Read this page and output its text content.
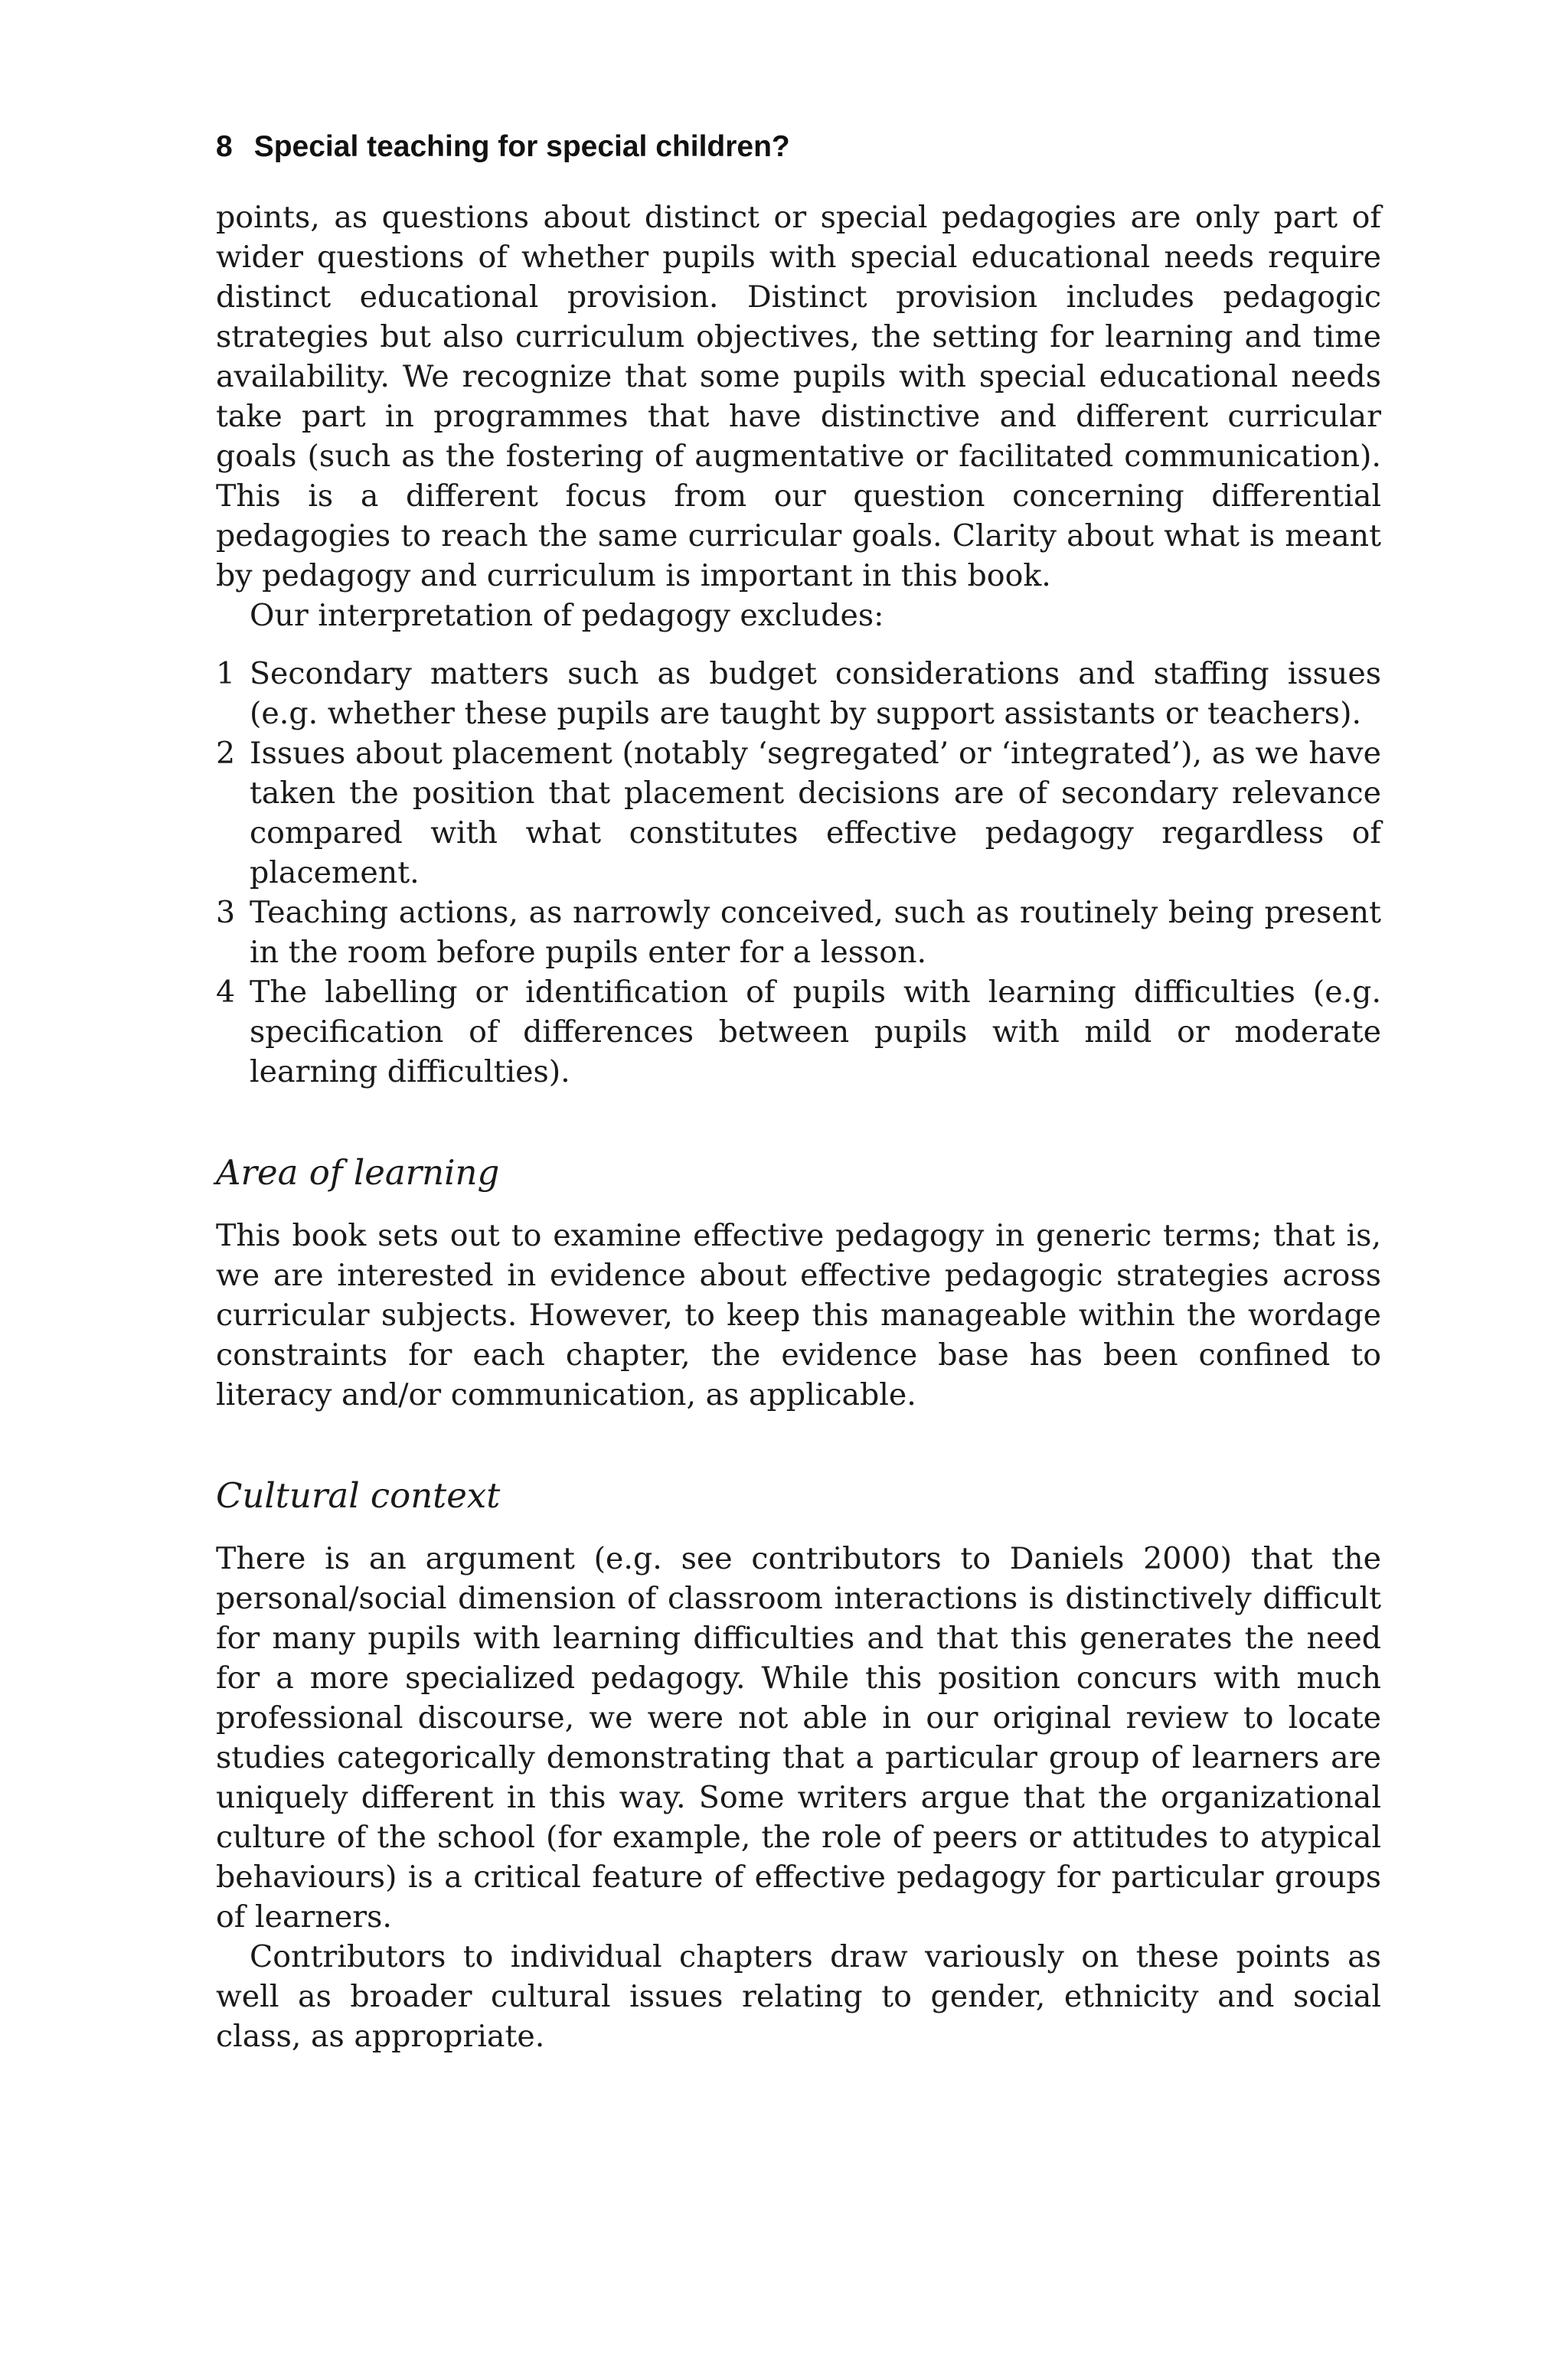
8 Special teaching for special children?

points, as questions about distinct or special pedagogies are only part of wider questions of whether pupils with special educational needs require distinct educational provision. Distinct provision includes pedagogic strategies but also curriculum objectives, the setting for learning and time availability. We recognize that some pupils with special educational needs take part in programmes that have distinctive and different curricular goals (such as the fostering of augmentative or facilitated communication). This is a different focus from our question concerning differential pedagogies to reach the same curricular goals. Clarity about what is meant by pedagogy and curriculum is important in this book.

Our interpretation of pedagogy excludes:

1 Secondary matters such as budget considerations and staffing issues (e.g. whether these pupils are taught by support assistants or teachers).
2 Issues about placement (notably ‘segregated’ or ‘integrated’), as we have taken the position that placement decisions are of secondary relevance compared with what constitutes effective pedagogy regardless of placement.
3 Teaching actions, as narrowly conceived, such as routinely being present in the room before pupils enter for a lesson.
4 The labelling or identification of pupils with learning difficulties (e.g. specification of differences between pupils with mild or moderate learning difficulties).
Area of learning

This book sets out to examine effective pedagogy in generic terms; that is, we are interested in evidence about effective pedagogic strategies across curricular subjects. However, to keep this manageable within the wordage constraints for each chapter, the evidence base has been confined to literacy and/or communication, as applicable.

Cultural context

There is an argument (e.g. see contributors to Daniels 2000) that the personal/social dimension of classroom interactions is distinctively difficult for many pupils with learning difficulties and that this generates the need for a more specialized pedagogy. While this position concurs with much professional discourse, we were not able in our original review to locate studies categorically demonstrating that a particular group of learners are uniquely different in this way. Some writers argue that the organizational culture of the school (for example, the role of peers or attitudes to atypical behaviours) is a critical feature of effective pedagogy for particular groups of learners.

Contributors to individual chapters draw variously on these points as well as broader cultural issues relating to gender, ethnicity and social class, as appropriate.
